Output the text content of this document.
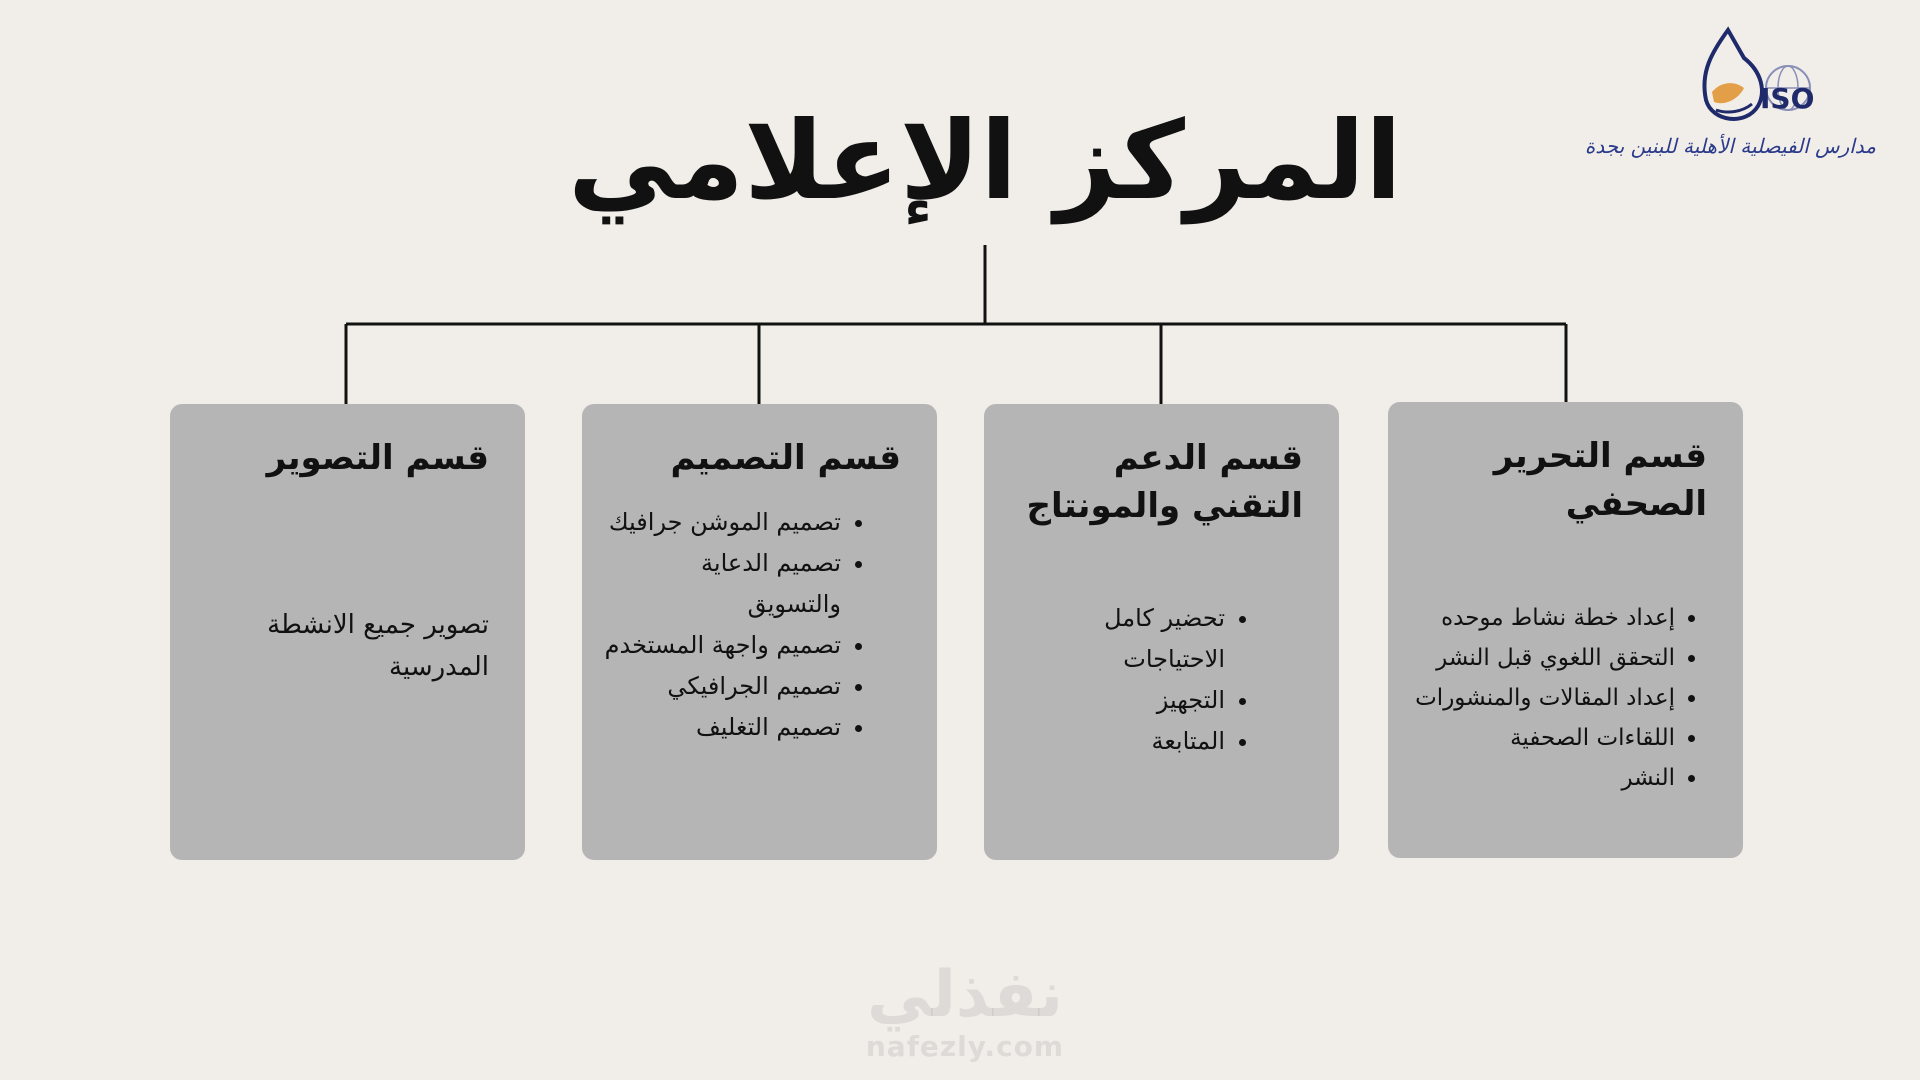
المركز الإعلامي
قسم التحرير الصحفي
• إعداد خطة نشاط موحده
• التحقق اللغوي قبل النشر
• إعداد المقالات والمنشورات
• اللقاءات الصحفية
• النشر
قسم الدعم التقني والمونتاج
• تحضير كامل الاحتياجات
• التجهيز
• المتابعة
قسم التصميم
• تصميم الموشن جرافيك
• تصميم الدعاية والتسويق
• تصميم واجهة المستخدم
• تصميم الجرافيكي
• تصميم التغليف
قسم التصوير

تصوير جميع الانشطة المدرسية

ISO
مدارس الفيصلية الأهلية للبنين بجدة
نفذلي
nafezly.com
